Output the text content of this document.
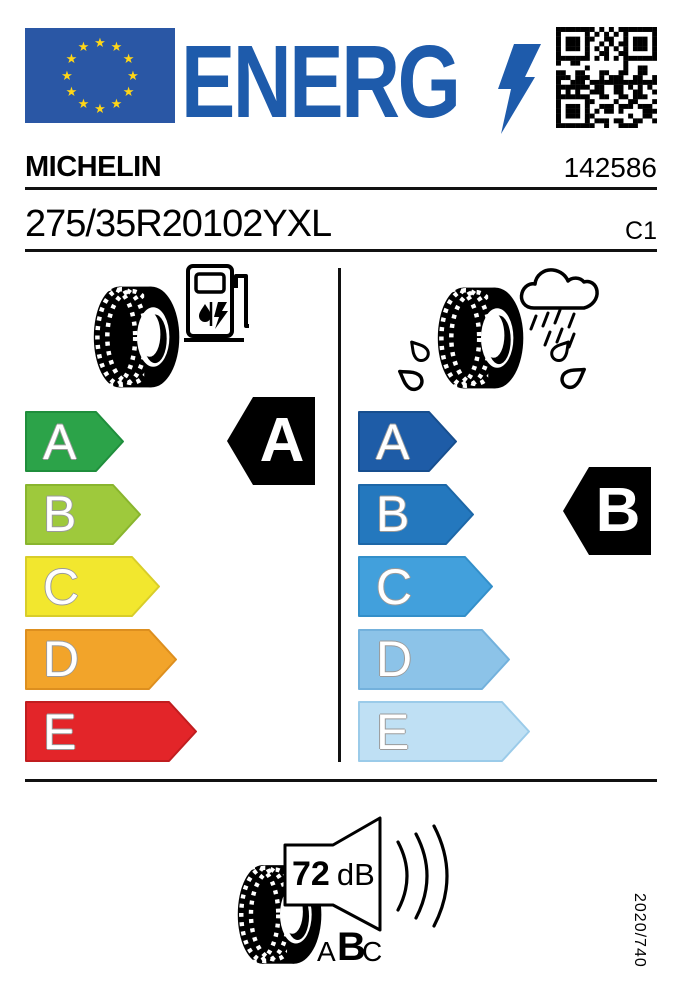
★ ★
★
★
★
★
★
★
★
★
★
★ ENERG
MICHELIN	142586
275/35R20102YXL	C1
A
B
C
D
E
A A
B
C
D
E
B
72 dB
A B
C	2020/740
